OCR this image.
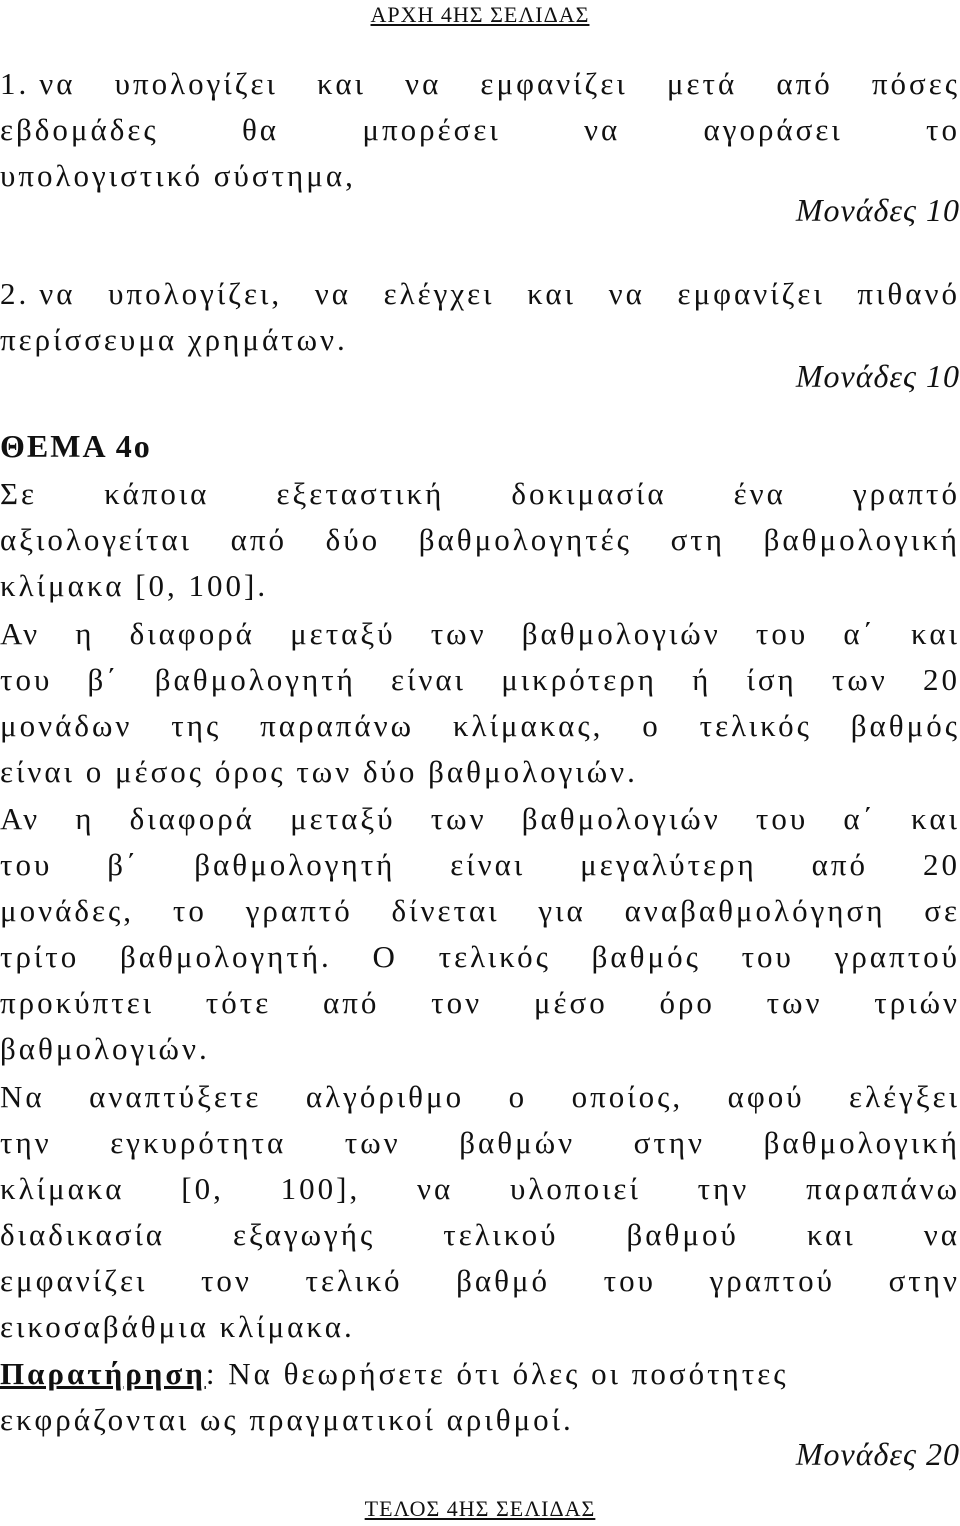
ΑΡΧΗ 4ΗΣ ΣΕΛΙΔΑΣ
1. να υπολογίζει και να εμφανίζει μετά από πόσες
εβδομάδες θα μπορέσει να αγοράσει το
υπολογιστικό σύστημα,
Μονάδες 10
2. να υπολογίζει, να ελέγχει και να εμφανίζει πιθανό
περίσσευμα χρημάτων.
Μονάδες 10
ΘΕΜΑ 4ο
Σε κάποια εξεταστική δοκιμασία ένα γραπτό
αξιολογείται από δύο βαθμολογητές στη βαθμολογική
κλίμακα [0, 100].
Αν η διαφορά μεταξύ των βαθμολογιών του α΄ και
του β΄ βαθμολογητή είναι μικρότερη ή ίση των 20
μονάδων της παραπάνω κλίμακας, ο τελικός βαθμός
είναι ο μέσος όρος των δύο βαθμολογιών.
Αν η διαφορά μεταξύ των βαθμολογιών του α΄ και
του β΄ βαθμολογητή είναι μεγαλύτερη από 20
μονάδες, το γραπτό δίνεται για αναβαθμολόγηση σε
τρίτο βαθμολογητή. Ο τελικός βαθμός του γραπτού
προκύπτει τότε από τον μέσο όρο των τριών
βαθμολογιών.
Να αναπτύξετε αλγόριθμο ο οποίος, αφού ελέγξει
την εγκυρότητα των βαθμών στην βαθμολογική
κλίμακα [0, 100], να υλοποιεί την παραπάνω
διαδικασία εξαγωγής τελικού βαθμού και να
εμφανίζει τον τελικό βαθμό του γραπτού στην
εικοσαβάθμια κλίμακα.
Παρατήρηση: Να θεωρήσετε ότι όλες οι ποσότητες
εκφράζονται ως πραγματικοί αριθμοί.
Μονάδες 20
ΤΕΛΟΣ 4ΗΣ ΣΕΛΙΔΑΣ
